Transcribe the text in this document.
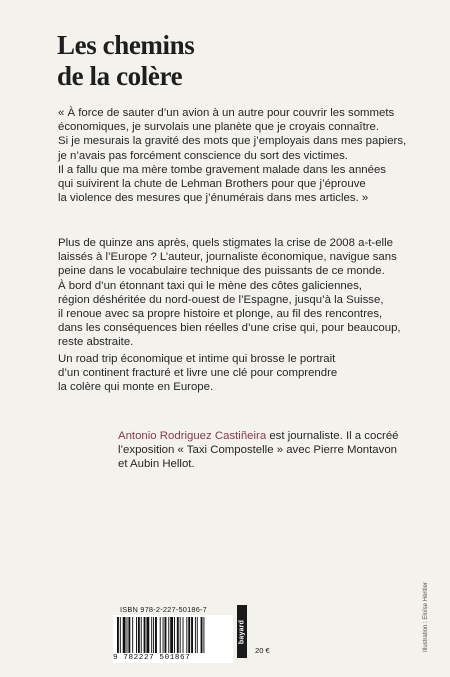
Les chemins
de la colère

« À force de sauter d’un avion à un autre pour couvrir les sommets
économiques, je survolais une planète que je croyais connaître.
Si je mesurais la gravité des mots que j’employais dans mes papiers,
je n’avais pas forcément conscience du sort des victimes.
Il a fallu que ma mère tombe gravement malade dans les années
qui suivirent la chute de Lehman Brothers pour que j’éprouve
la violence des mesures que j’énumérais dans mes articles. »

Plus de quinze ans après, quels stigmates la crise de 2008 a-t-elle
laissés à l’Europe ? L’auteur, journaliste économique, navigue sans
peine dans le vocabulaire technique des puissants de ce monde.
À bord d’un étonnant taxi qui le mène des côtes galiciennes,
région déshéritée du nord-ouest de l’Espagne, jusqu’à la Suisse,
il renoue avec sa propre histoire et plonge, au fil des rencontres,
dans les conséquences bien réelles d’une crise qui, pour beaucoup,
reste abstraite.

Un road trip économique et intime qui brosse le portrait
d’un continent fracturé et livre une clé pour comprendre
la colère qui monte en Europe.

Antonio Rodriguez Castiñeira est journaliste. Il a cocréé
l’exposition « Taxi Compostelle » avec Pierre Montavon
et Aubin Hellot.

ISBN 978-2-227-50186-7
9 782227 501867
bayard
20 €	Illustration : Eloïse Héritier
